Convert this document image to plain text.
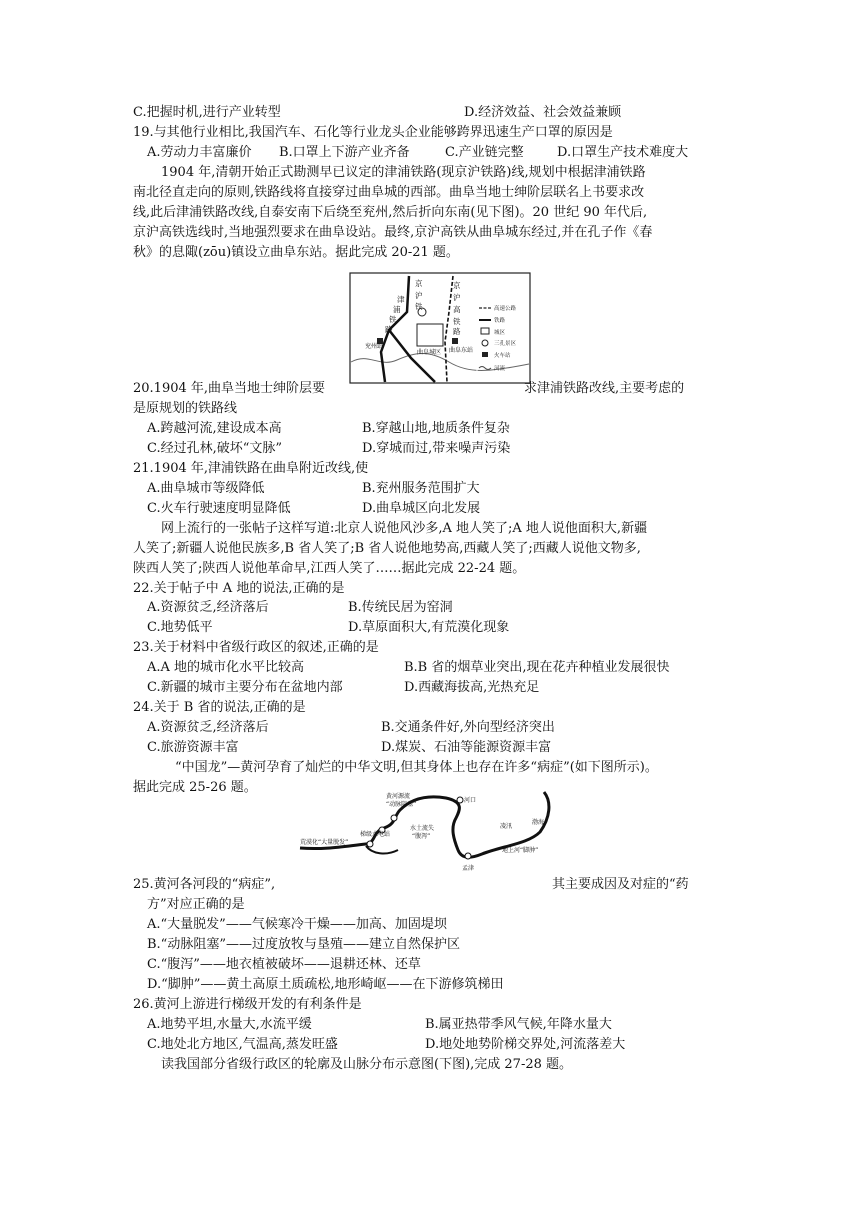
C.把握时机,进行产业转型	D.经济效益、社会效益兼顾
19.与其他行业相比,我国汽车、石化等行业龙头企业能够跨界迅速生产口罩的原因是
A.劳动力丰富廉价 B.口罩上下游产业齐备	C.产业链完整	D.口罩生产技术难度大
1904 年,清朝开始正式勘测早已议定的津浦铁路(现京沪铁路)线,规划中根据津浦铁路
南北径直走向的原则,铁路线将直接穿过曲阜城的西部。曲阜当地士绅阶层联名上书要求改
线,此后津浦铁路改线,自泰安南下后绕至兖州,然后折向东南(见下图)。20 世纪 90 年代后,
京沪高铁选线时,当地强烈要求在曲阜设站。最终,京沪高铁从曲阜城东经过,并在孔子作《春
秋》的息陬(zōu)镇设立曲阜东站。据此完成 20-21 题。
高速公路
铁路
城区
三孔景区
火车站
河流
京
沪
铁
津
浦
铁
路
京
沪
高
铁
路
兖州站
曲阜城区 曲阜东站
20.1904 年,曲阜当地士绅阶层要	求津浦铁路改线,主要考虑的
是原规划的铁路线
A.跨越河流,建设成本高	B.穿越山地,地质条件复杂
C.经过孔林,破坏“文脉”	D.穿城而过,带来噪声污染
21.1904 年,津浦铁路在曲阜附近改线,使
A.曲阜城市等级降低	B.兖州服务范围扩大
C.火车行驶速度明显降低	D.曲阜城区向北发展
网上流行的一张帖子这样写道:北京人说他风沙多,A 地人笑了;A 地人说他面积大,新疆
人笑了;新疆人说他民族多,B 省人笑了;B 省人说他地势高,西藏人笑了;西藏人说他文物多,
陕西人笑了;陕西人说他革命早,江西人笑了……据此完成 22-24 题。
22.关于帖子中 A 地的说法,正确的是
A.资源贫乏,经济落后	B.传统民居为窑洞
C.地势低平	D.草原面积大,有荒漠化现象
23.关于材料中省级行政区的叙述,正确的是
A.A 地的城市化水平比较高	B.B 省的烟草业突出,现在花卉种植业发展很快
C.新疆的城市主要分布在盆地内部	D.西藏海拔高,光热充足
24.关于 B 省的说法,正确的是
A.资源贫乏,经济落后	B.交通条件好,外向型经济突出
C.旅游资源丰富	D.煤炭、石油等能源资源丰富
“中国龙”—黄河孕育了灿烂的中华文明,但其身体上也存在许多“病症”(如下图所示)。
据此完成 25-26 题。
河口
渤海
凌汛
孟津
地上河“脚肿”
黄河源流
“动脉阻塞”
水土流失
“腹泻”
梯级水电站
荒漠化“大量脱发”
25.黄河各河段的“病症”,	其主要成因及对症的“药
方”对应正确的是
A.“大量脱发”——气候寒冷干燥——加高、加固堤坝
B.“动脉阻塞”——过度放牧与垦殖——建立自然保护区
C.“腹泻”——地衣植被破坏——退耕还林、还草
D.“脚肿”——黄土高原土质疏松,地形崎岖——在下游修筑梯田
26.黄河上游进行梯级开发的有利条件是
A.地势平坦,水量大,水流平缓	B.属亚热带季风气候,年降水量大
C.地处北方地区,气温高,蒸发旺盛	D.地处地势阶梯交界处,河流落差大
读我国部分省级行政区的轮廓及山脉分布示意图(下图),完成 27-28 题。
